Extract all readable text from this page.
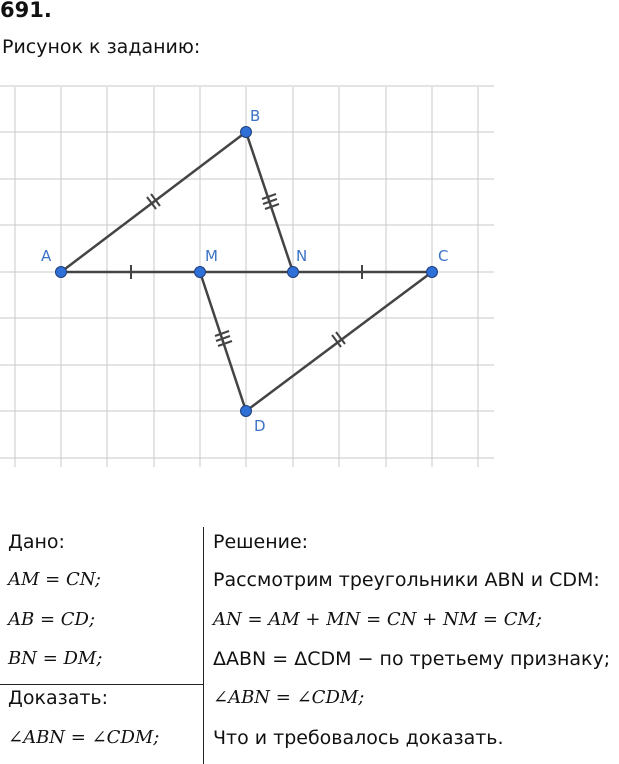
691.
Рисунок к заданию:
A
B
M	N	C
D
Дано:
AM = CN;
AB = CD;
BN = DM;
Доказать:
∠ABN = ∠CDM;
Решение:
Рассмотрим треугольники ABN и CDM:
AN = AM + MN = CN + NM = CM;
ΔABN = ΔCDM − по третьему признаку;
∠ABN = ∠CDM;
Что и требовалось доказать.
